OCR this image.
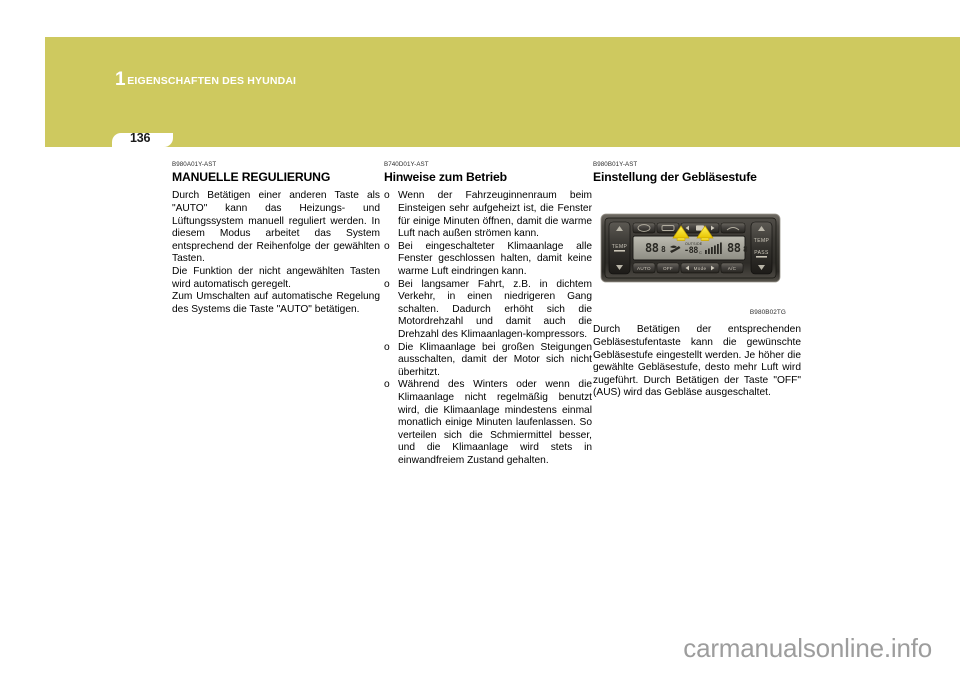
1 EIGENSCHAFTEN DES HYUNDAI
136
B980A01Y-AST
MANUELLE REGULIERUNG

Durch Betätigen einer anderen Taste als "AUTO" kann das Heizungs- und Lüftungssystem manuell reguliert werden. In diesem Modus arbeitet das System entsprechend der Reihenfolge der gewählten Tasten.

Die Funktion der nicht angewählten Tasten wird automatisch geregelt.

Zum Umschalten auf automatische Regelung des Systems die Taste "AUTO" betätigen.

B740D01Y-AST
Hinweise zum Betrieb
o Wenn der Fahrzeuginnenraum beim Einsteigen sehr aufgeheizt ist, die Fenster für einige Minuten öffnen, damit die warme Luft nach außen strömen kann.
o Bei eingeschalteter Klimaanlage alle Fenster geschlossen halten, damit keine warme Luft eindringen kann.
o Bei langsamer Fahrt, z.B. in dichtem Verkehr, in einen niedrigeren Gang schalten. Dadurch erhöht sich die Motordrehzahl und damit auch die Drehzahl des Klimaanlagen-kompressors.
o Die Klimaanlage bei großen Steigungen ausschalten, damit der Motor sich nicht überhitzt.
o Während des Winters oder wenn die Klimaanlage nicht regelmäßig benutzt wird, die Klimaanlage mindestens einmal monatlich einige Minuten laufenlassen. So verteilen sich die Schmiermittel besser, und die Klimaanlage wird stets in einwandfreiem Zustand gehalten.
B980B01Y-AST
Einstellung der Gebläsestufe
TEMP
TEMP
PASS
88 8
OUTSIDE
-88 C 88 8
AUTO	OFF	Mode	A/C
B980B02TG

Durch Betätigen der entsprechenden Gebläsestufentaste kann die gewünschte Gebläsestufe eingestellt werden. Je höher die gewählte Gebläsestufe, desto mehr Luft wird zugeführt. Durch Betätigen der Taste "OFF" (AUS) wird das Gebläse ausgeschaltet.

carmanualsonline.info
